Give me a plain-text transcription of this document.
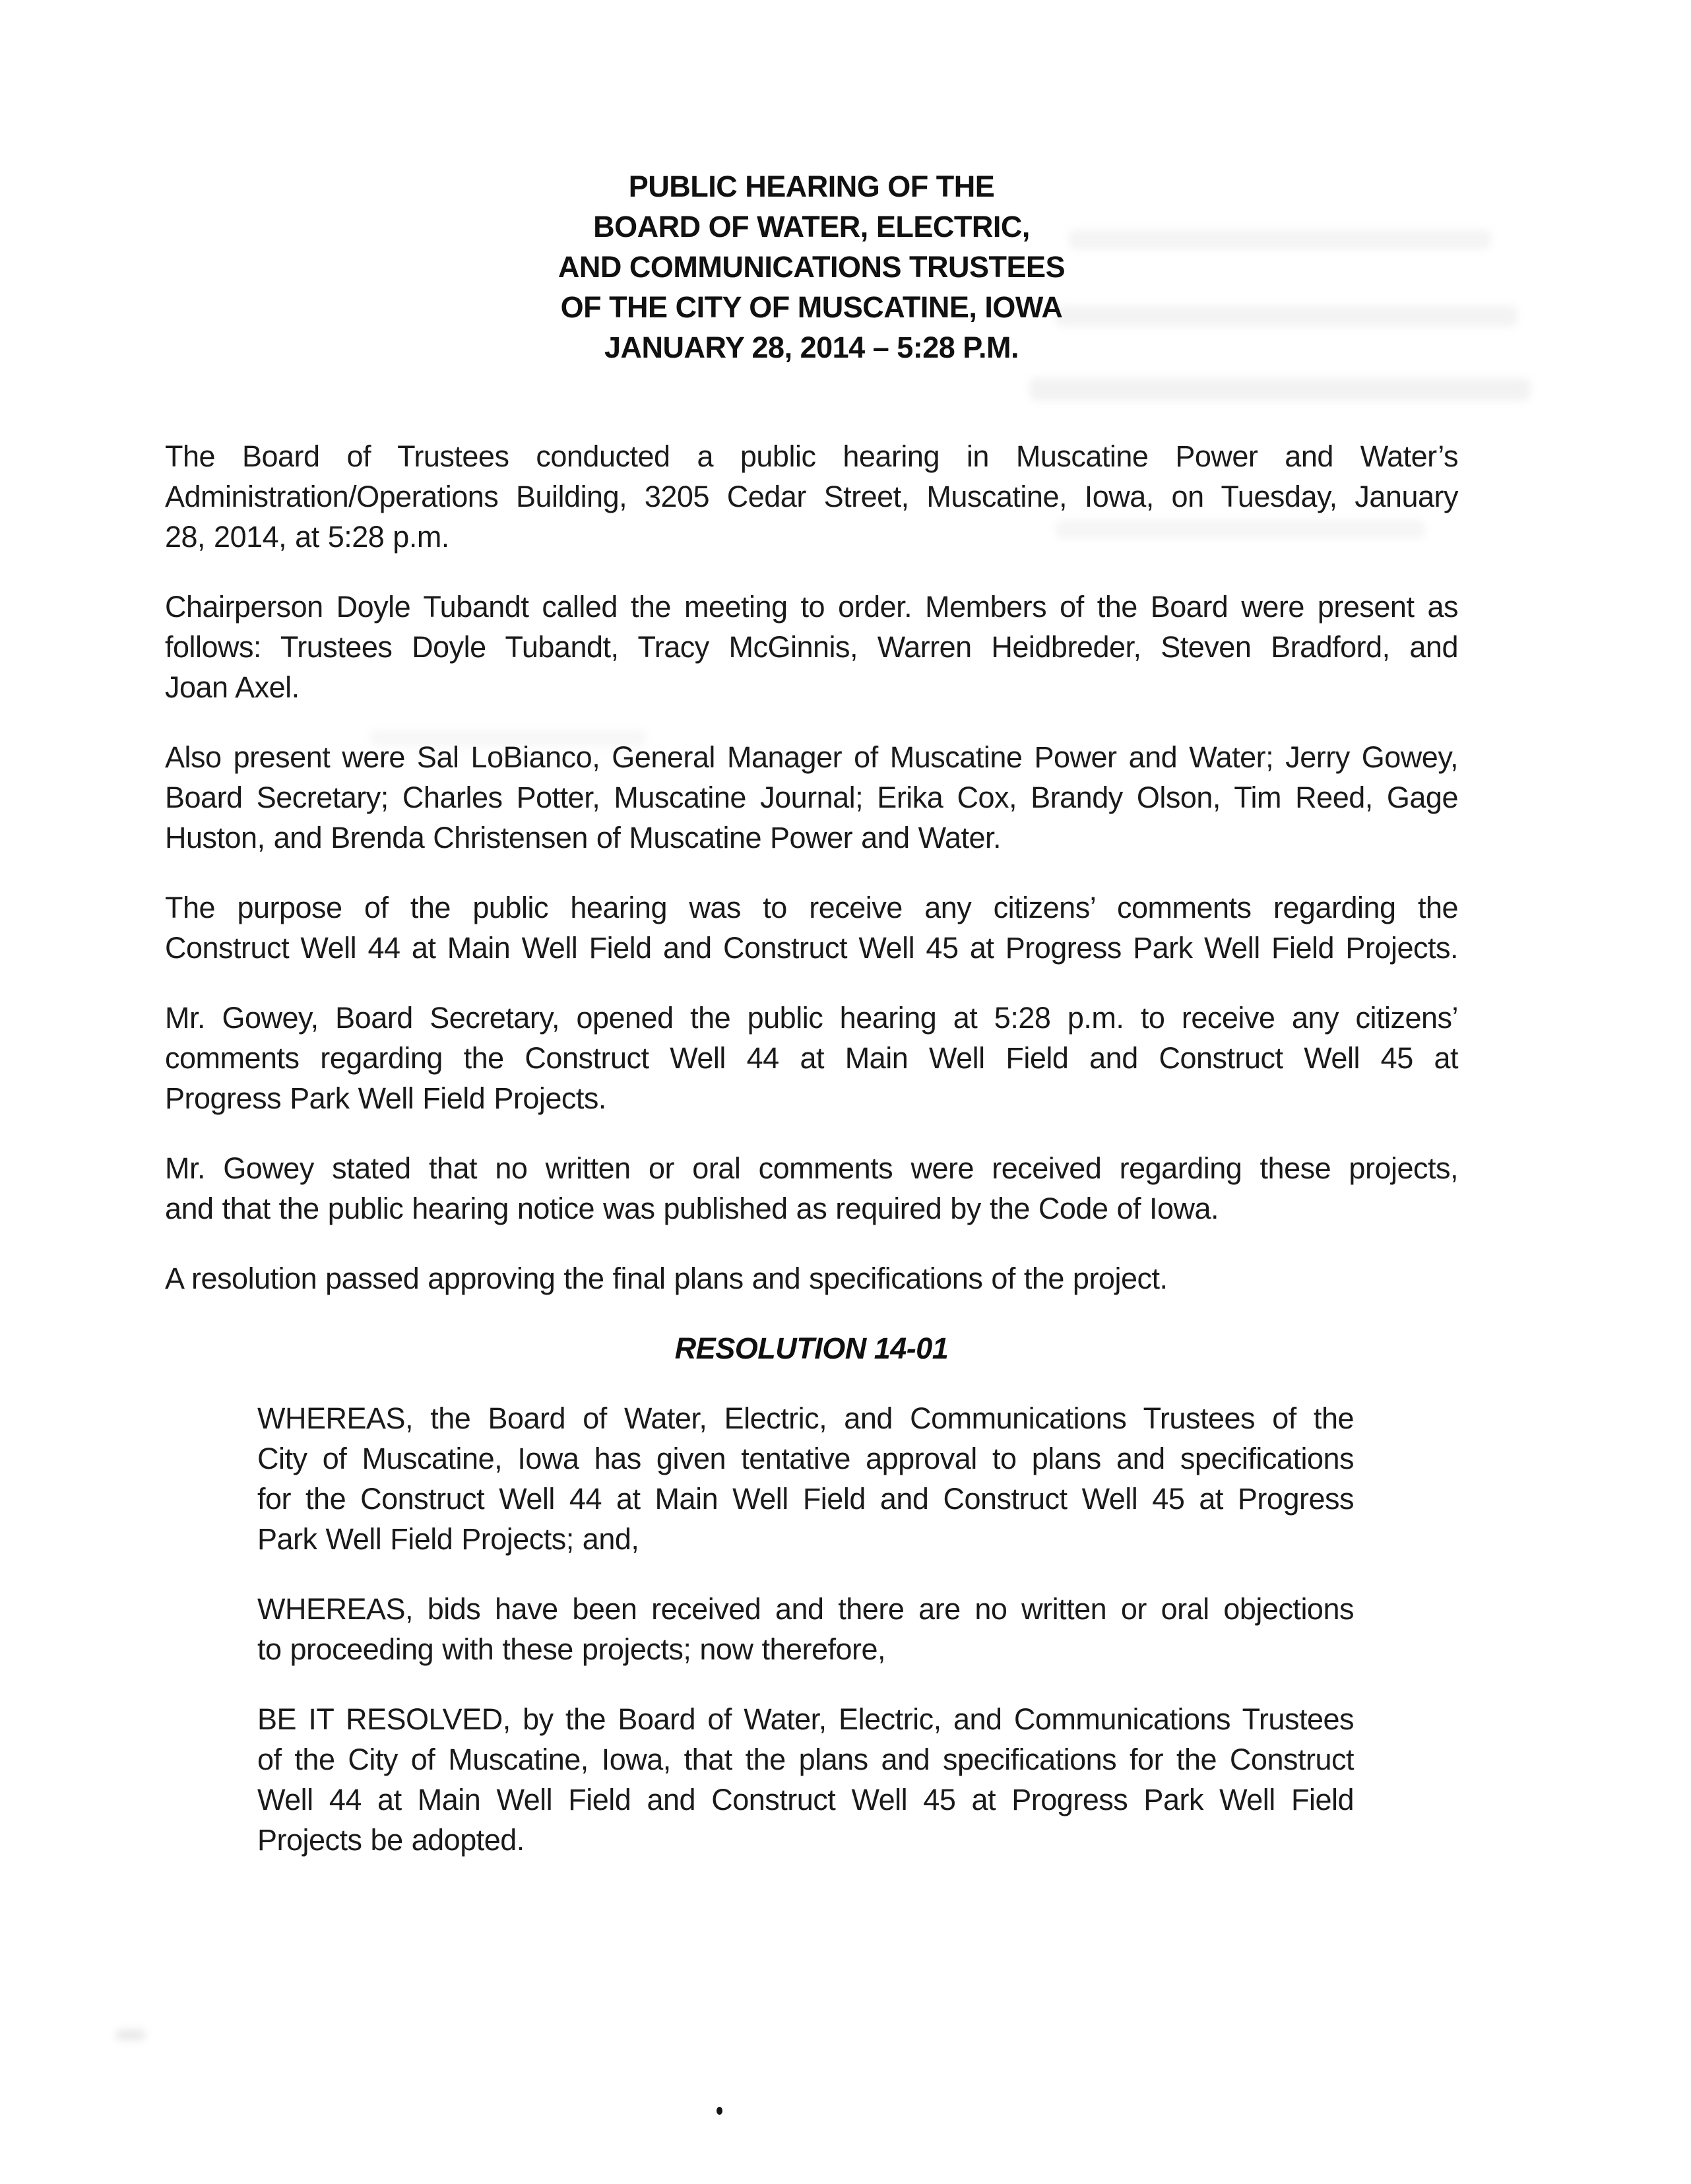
PUBLIC HEARING OF THE
BOARD OF WATER, ELECTRIC,
AND COMMUNICATIONS TRUSTEES
OF THE CITY OF MUSCATINE, IOWA
JANUARY 28, 2014 – 5:28 P.M.
The Board of Trustees conducted a public hearing in Muscatine Power and Water’s
Administration/Operations Building, 3205 Cedar Street, Muscatine, Iowa, on Tuesday, January
28, 2014, at 5:28 p.m.
Chairperson Doyle Tubandt called the meeting to order. Members of the Board were present as
follows: Trustees Doyle Tubandt, Tracy McGinnis, Warren Heidbreder, Steven Bradford, and
Joan Axel.
Also present were Sal LoBianco, General Manager of Muscatine Power and Water; Jerry Gowey,
Board Secretary; Charles Potter, Muscatine Journal; Erika Cox, Brandy Olson, Tim Reed, Gage
Huston, and Brenda Christensen of Muscatine Power and Water.
The purpose of the public hearing was to receive any citizens’ comments regarding the
Construct Well 44 at Main Well Field and Construct Well 45 at Progress Park Well Field Projects.
Mr. Gowey, Board Secretary, opened the public hearing at 5:28 p.m. to receive any citizens’
comments regarding the Construct Well 44 at Main Well Field and Construct Well 45 at
Progress Park Well Field Projects.
Mr. Gowey stated that no written or oral comments were received regarding these projects,
and that the public hearing notice was published as required by the Code of Iowa.
A resolution passed approving the final plans and specifications of the project.
RESOLUTION 14-01
WHEREAS, the Board of Water, Electric, and Communications Trustees of the
City of Muscatine, Iowa has given tentative approval to plans and specifications
for the Construct Well 44 at Main Well Field and Construct Well 45 at Progress
Park Well Field Projects; and,
WHEREAS, bids have been received and there are no written or oral objections
to proceeding with these projects; now therefore,
BE IT RESOLVED, by the Board of Water, Electric, and Communications Trustees
of the City of Muscatine, Iowa, that the plans and specifications for the Construct
Well 44 at Main Well Field and Construct Well 45 at Progress Park Well Field
Projects be adopted.
